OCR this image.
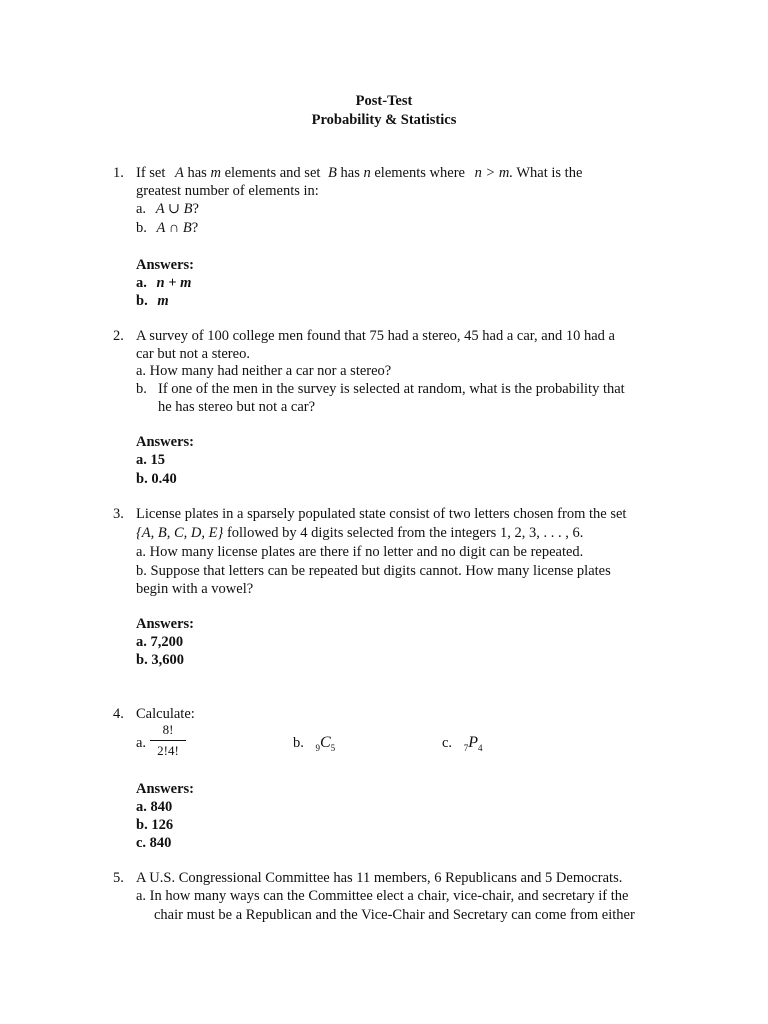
Post-Test
Probability & Statistics
1. If set A has m elements and set B has n elements where n > m. What is the
greatest number of elements in:
a. A ∪ B?
b. A ∩ B?
Answers:
a. n + m
b. m
2. A survey of 100 college men found that 75 had a stereo, 45 had a car, and 10 had a
car but not a stereo.
a. How many had neither a car nor a stereo?
b. If one of the men in the survey is selected at random, what is the probability that
he has stereo but not a car?
Answers:
a. 15
b. 0.40
3. License plates in a sparsely populated state consist of two letters chosen from the set
{A, B, C, D, E} followed by 4 digits selected from the integers 1, 2, 3, . . . , 6.
a. How many license plates are there if no letter and no digit can be repeated.
b. Suppose that letters can be repeated but digits cannot. How many license plates
begin with a vowel?
Answers:
a. 7,200
b. 3,600
4. Calculate:
a.
8!
2!4!	b. $_9C_5$	c. $_7P_4$
Answers:
a. 840
b. 126
c. 840
5. A U.S. Congressional Committee has 11 members, 6 Republicans and 5 Democrats.
a. In how many ways can the Committee elect a chair, vice-chair, and secretary if the
chair must be a Republican and the Vice-Chair and Secretary can come from either
